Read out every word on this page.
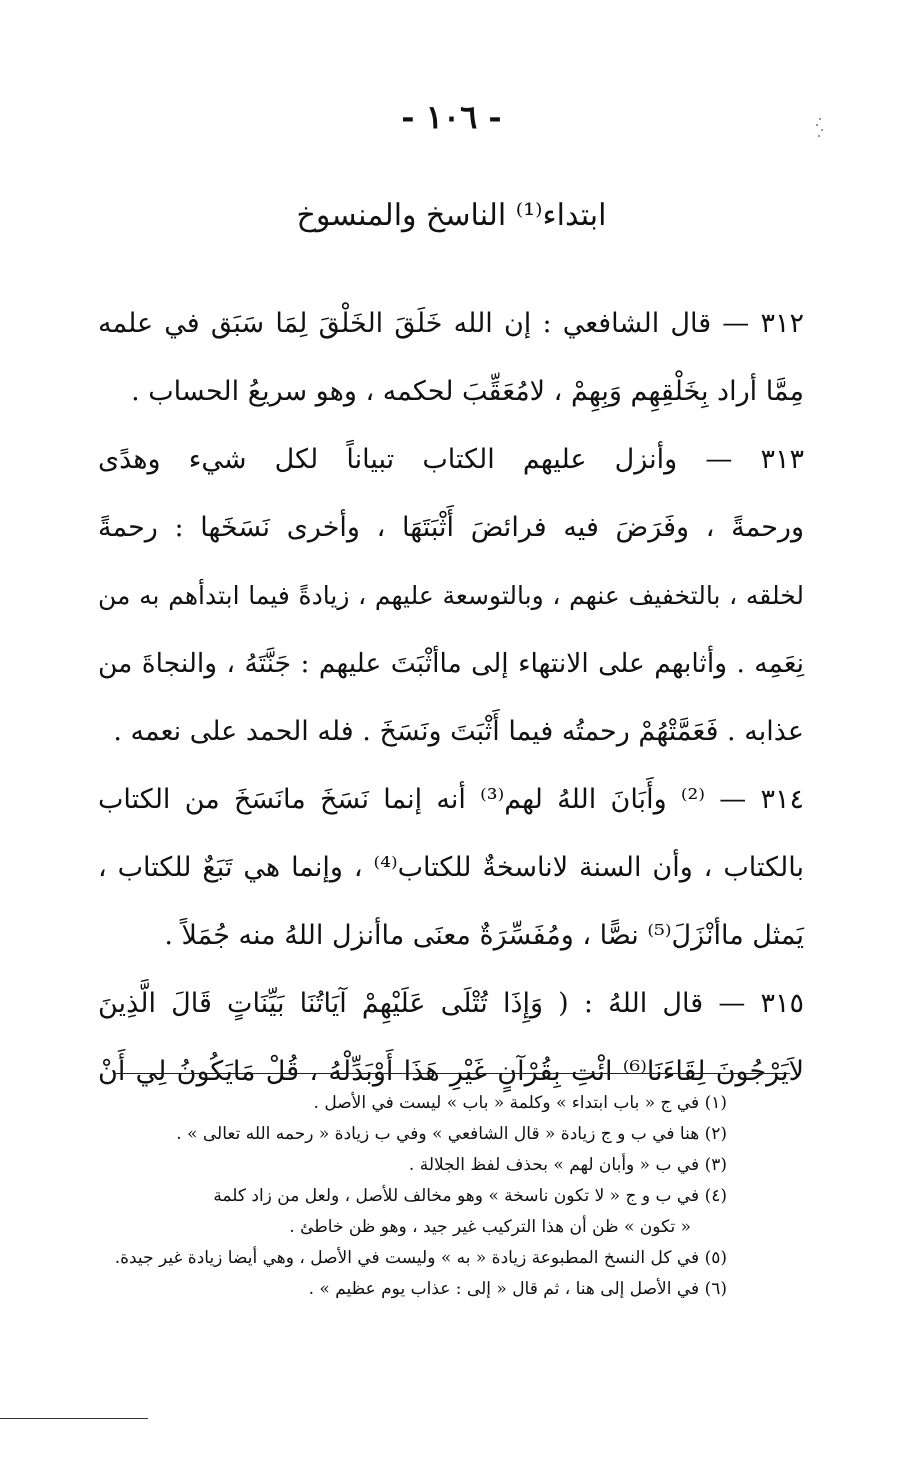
- ١٠٦ -
ابتداء⁽¹⁾ الناسخ والمنسوخ
٣١٢ — قال الشافعي : إن الله خَلَقَ الخَلْقَ لِمَا سَبَق في علمه
مِمَّا أراد بِخَلْقِهِم وَبِهِمْ ، لامُعَقِّبَ لحكمه ، وهو سريعُ الحساب .
٣١٣ — وأنزل عليهم الكتاب تبياناً لكل شيء وهدًى
ورحمةً ، وفَرَضَ فيه فرائضَ أَثْبَتَهَا ، وأخرى نَسَخَها : رحمةً
لخلقه ، بالتخفيف عنهم ، وبالتوسعة عليهم ، زيادةً فيما ابتدأهم به من
نِعَمِه . وأثابهم على الانتهاء إلى ماأثْبَتَ عليهم : جَنَّتَهُ ، والنجاةَ من
عذابه . فَعَمَّتْهُمْ رحمتُه فيما أَثْبَتَ ونَسَخَ . فله الحمد على نعمه .
٣١٤ — ⁽²⁾ وأَبَانَ اللهُ لهم⁽³⁾ أنه إنما نَسَخَ مانَسَخَ من الكتاب
بالكتاب ، وأن السنة لاناسخةٌ للكتاب⁽⁴⁾ ، وإنما هي تَبَعٌ للكتاب ،
يَمثل ماأنْزَلَ⁽⁵⁾ نصًّا ، ومُفَسِّرَةٌ معنَى ماأنزل اللهُ منه جُمَلاً .
٣١٥ — قال اللهُ : ( وَإِذَا تُتْلَى عَلَيْهِمْ آيَاتُنَا بَيِّنَاتٍ قَالَ الَّذِينَ
لاَيَرْجُونَ لِقَاءَنَا⁽⁶⁾ ائْتِ بِقُرْآنٍ غَيْرِ هَذَا أَوْبَدِّلْهُ ، قُلْ مَايَكُونُ لِي أَنْ
(١) في ج « باب ابتداء » وكلمة « باب » ليست في الأصل .
(٢) هنا في ب و ج زيادة « قال الشافعي » وفي ب زيادة « رحمه الله تعالى » .
(٣) في ب « وأبان لهم » بحذف لفظ الجلالة .
(٤) في ب و ج « لا تكون ناسخة » وهو مخالف للأصل ، ولعل من زاد كلمة
« تكون » ظن أن هذا التركيب غير جيد ، وهو ظن خاطئ .
(٥) في كل النسخ المطبوعة زيادة « به » وليست في الأصل ، وهي أيضا زيادة غير جيدة.
(٦) في الأصل إلى هنا ، ثم قال « إلى : عذاب يوم عظيم » .
